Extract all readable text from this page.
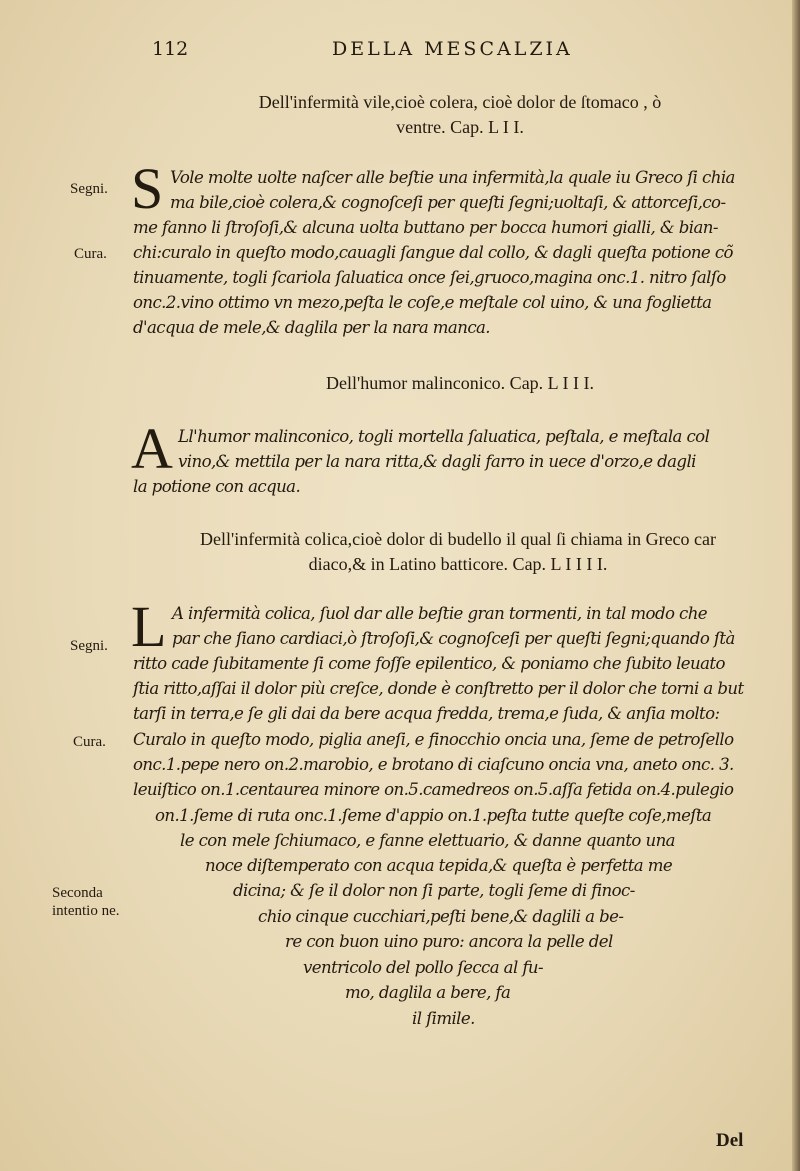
112	DELLA MESCALZIA
Dell'infermità vile,cioè colera, cioè dolor de ſtomaco , ò
ventre. Cap. L I I.
Segni.
Cura.
S Vole molte uolte naſcer alle beſtie una infermità,la quale iu Greco ſi chia
ma bile,cioè colera,& cognoſceſi per queſti ſegni;uoltaſi, & attorceſi,co-
me fanno li ſtroſoſi,& alcuna uolta buttano per bocca humori gialli, & bian-
chi:curalo in queſto modo,cauagli ſangue dal collo, & dagli queſta potione cõ
tinuamente, togli ſcariola ſaluatica once ſei,gruoco,magina onc.1. nitro ſalſo
onc.2.vino ottimo vn mezo,peſta le coſe,e meſtale col uino, & una foglietta
d'acqua de mele,& daglila per la nara manca.
Dell'humor malinconico. Cap. L I I I.
A Ll'humor malinconico, togli mortella ſaluatica, peſtala, e meſtala col
vino,& mettila per la nara ritta,& dagli farro in uece d'orzo,e dagli
la potione con acqua.
Dell'infermità colica,cioè dolor di budello il qual ſi chiama in Greco car
diaco,& in Latino batticore. Cap. L I I I I.
Segni.
Cura.
Seconda intentio ne.
L A infermità colica, ſuol dar alle beſtie gran tormenti, in tal modo che
par che ſiano cardiaci,ò ſtroſoſi,& cognoſceſi per queſti ſegni;quando ſtà
ritto cade ſubitamente ſi come foſſe epilentico, & poniamo che ſubito leuato
ſtia ritto,aſſai il dolor più creſce, donde è conſtretto per il dolor che torni a but
tarſi in terra,e ſe gli dai da bere acqua fredda, trema,e ſuda, & anſia molto:
Curalo in queſto modo, piglia aneſi, e finocchio oncia una, ſeme de petroſello
onc.1.pepe nero on.2.marobio, e brotano di ciaſcuno oncia vna, aneto onc. 3.
leuiſtico on.1.centaurea minore on.5.camedreos on.5.aſſa fetida on.4.pulegio
on.1.ſeme di ruta onc.1.ſeme d'appio on.1.peſta tutte queſte coſe,meſta
le con mele ſchiumaco, e fanne elettuario, & danne quanto una
noce diſtemperato con acqua tepida,& queſta è perfetta me
dicina; & ſe il dolor non ſi parte, togli ſeme di finoc-
chio cinque cucchiari,peſti bene,& daglili a be-
re con buon uino puro: ancora la pelle del
ventricolo del pollo ſecca al fu-
mo, daglila a bere, fa
il ſimile.
Del
